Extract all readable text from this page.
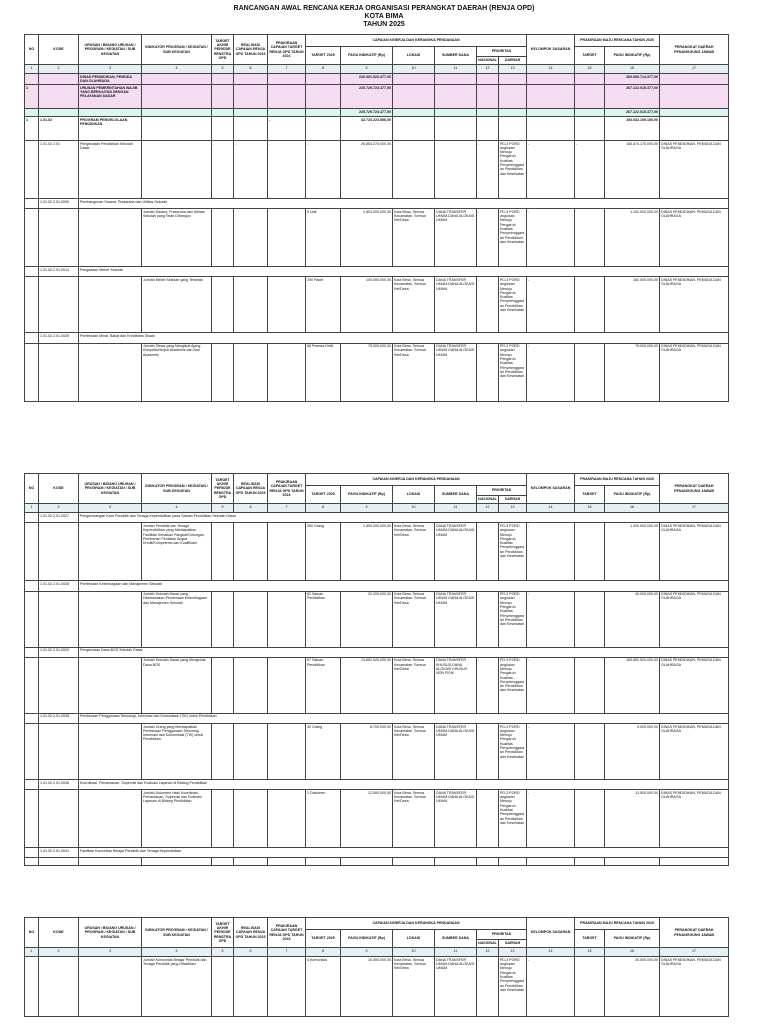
RANCANGAN AWAL RENCANA KERJA ORGANISASI PERANGKAT DAERAH (RENJA OPD)
KOTA BIMA
TAHUN 2025
NO	KODE	URUSAN / BIDANG URUSAN / PROGRAM / KEGIATAN / SUB KEGIATAN	INDIKATOR PROGRAM / KEGIATAN / SUB KEGIATAN	TARGET AKHIR PERIODE RENSTRA OPD	REALISASI CAPAIAN RENJA OPD TAHUN 2023	PRAKIRAAN CAPAIAN TARGET RENJA OPD TAHUN 2024	CAPAIAN KINERJA DAN KERANGKA PENDANAAN						KELOMPOK SASARAN	PRAKIRAAN MAJU RENCANA TAHUN 2026		PERANGKAT DAERAH PENANGGUNG JAWAB
							TARGET 2025	PAGU INDIKATIF (Rp)	LOKASI	SUMBER DANA	PRIORITAS			TARGET	PAGU INDIKATIF (Rp)	
											NASIONAL	DAERAH				
1	2	3	4	5	6	7	8	9	10	11	12	13	14	15	16	17
		DINAS PENDIDIKAN, PEMUDA DAN OLAHRAGA						226.001.923.477,00							260.690.714.377,00	
1		URUSAN PEMERINTAHAN WAJIB YANG BERKAITAN DENGAN PELAYANAN DASAR						225.729.723.477,00							267.122.015.377,00	
								225.729.723.477,00							267.122.015.377,00	
1	1.01.02	PROGRAM PENGELOLAAN PENDIDIKAN				-		32.723.223.556,00							193.032.169.150,00	
	1.01.02.2.01	Pengelolaan Pendidikan Sekolah Dasar		-	-	-	-	26.853.275.000,00			-	PD-3 PORD anglusan Menuju Pengaruh Kualitas Penyelenggaraan Pendidikan dan Kesehatan	-	-	155.874.175.000,00	DINAS PENDIDIKAN, PEMUDA DAN OLAHRAGA
	1.01.02.2.01.0005	Pembangunan Sarana, Prasarana dan Utilitas Sekolah														
			Jumlah Sarana, Prasarana dan Utilitas Sekolah yang Telah Dibangun				5 Unit	1.803.000.000,00	Kota Bima, Semua Kecamatan, Semua Kel/Desa	DANA TRANSFER UMUM-DANA ALOKASI UMUM	-	PD-3 PORD anglusan Menuju Pengaruh Kualitas Penyelenggaraan Pendidikan dan Kesehatan	-		1.100.000.000,00	DINAS PENDIDIKAN, PEMUDA DAN OLAHRAGA
	1.01.02.2.01.0014	Pengadaan Mebel Sekolah														
			Jumlah Mebel Sekolah yang Tersedia				200 Paket	100.000.000,00	Kota Bima, Semua Kecamatan, Semua Kel/Desa	DANA TRANSFER UMUM-DANA ALOKASI UMUM	-	PD-3 PORD anglusan Menuju Pengaruh Kualitas Penyelenggaraan Pendidikan dan Kesehatan	-		150.000.000,00	DINAS PENDIDIKAN, PEMUDA DAN OLAHRAGA
	1.01.02.2.01.0026	Pembinaan Minat, Bakat dan Kreativitas Siswa														
			Jumlah Siswa yang Mengikuti Ajang Kompetisi/Unjuk Akademis dan Non Akademis				68 Peserta Didik	79.000.000,00	Kota Bima, Semua Kecamatan, Semua Kel/Desa	DANA TRANSFER UMUM-DANA ALOKASI UMUM	-	PD-3 PORD anglusan Menuju Pengaruh Kualitas Penyelenggaraan Pendidikan dan Kesehatan	-		79.000.000,00	DINAS PENDIDIKAN, PEMUDA DAN OLAHRAGA
NO	KODE	URUSAN / BIDANG URUSAN / PROGRAM / KEGIATAN / SUB KEGIATAN	INDIKATOR PROGRAM / KEGIATAN / SUB KEGIATAN	TARGET AKHIR PERIODE RENSTRA OPD	REALISASI CAPAIAN RENJA OPD TAHUN 2023	PRAKIRAAN CAPAIAN TARGET RENJA OPD TAHUN 2024	CAPAIAN KINERJA DAN KERANGKA PENDANAAN						KELOMPOK SASARAN	PRAKIRAAN MAJU RENCANA TAHUN 2026		PERANGKAT DAERAH PENANGGUNG JAWAB
							TARGET 2025	PAGU INDIKATIF (Rp)	LOKASI	SUMBER DANA	PRIORITAS			TARGET	PAGU INDIKATIF (Rp)	
											NASIONAL	DAERAH				
1	2	3	4	5	6	7	8	9	10	11	12	13	14	15	16	17
	1.01.02.2.01.0027	Pengembangan Karir Pendidik dan Tenaga Kependidikan pada Satuan Pendidikan Sekolah Dasar														
			Jumlah Pendidik dan Tenaga Kependidikan yang Mendapatkan Fasilitasi Kenaikan Pangkat/Golongan, Pemberian Penilaian Angka Kredit/Kompetensi dan Kualifikasi				350 Orang	1.850.000.000,00	Kota Bima, Semua Kecamatan, Semua Kel/Desa	DANA TRANSFER UMUM-DANA ALOKASI UMUM	-	PD-3 PORD anglusan Menuju Pengaruh Kualitas Penyelenggaraan Pendidikan dan Kesehatan	-		1.200.000.000,00	DINAS PENDIDIKAN, PEMUDA DAN OLAHRAGA
	1.01.02.2.01.0028	Pembinaan Kelembagaan dan Manajemen Sekolah														
			Jumlah Sekolah Dasar yang Dilaksanakan Pembinaan Kelembagaan dan Manajemen Sekolah				62 Satuan Pendidikan	20.000.000,00	Kota Bima, Semua Kecamatan, Semua Kel/Desa	DANA TRANSFER UMUM-DANA ALOKASI UMUM	-	PD-3 PORD anglusan Menuju Pengaruh Kualitas Penyelenggaraan Pendidikan dan Kesehatan	-		40.000.000,00	DINAS PENDIDIKAN, PEMUDA DAN OLAHRAGA
	1.01.02.2.01.0029	Pengelolaan Dana BOS Sekolah Dasar														
			Jumlah Sekolah Dasar yang Mengelola Dana BOS				67 Satuan Pendidikan	13.852.520.000,00	Kota Bima, Semua Kecamatan, Semua Kel/Desa	DANA TRANSFER KHUSUS-DANA ALOKASI KHUSUS NON FISIK	-	PD-3 PORD anglusan Menuju Pengaruh Kualitas Penyelenggaraan Pendidikan dan Kesehatan	-		150.852.520.000,00	DINAS PENDIDIKAN, PEMUDA DAN OLAHRAGA
	1.01.02.2.01.0035	Pembinaan Penggunaan Teknologi, Informasi dan Komunikasi (TIK) untuk Pendidikan														
			Jumlah Orang yang Mendapatkan Pembinaan Penggunaan Teknologi, Informasi dan Komunikasi (TIK) untuk Pendidikan				30 Orang	8.700.000,00	Kota Bima, Semua Kecamatan, Semua Kel/Desa	DANA TRANSFER UMUM-DANA ALOKASI UMUM	-	PD-3 PORD anglusan Menuju Pengaruh Kualitas Penyelenggaraan Pendidikan dan Kesehatan	-		9.000.000,00	DINAS PENDIDIKAN, PEMUDA DAN OLAHRAGA
	1.01.02.2.01.0036	Koordinasi, Pemantauan, Supervisi dan Evaluasi Layanan di Bidang Pendidikan														
			Jumlah Dokumen Hasil Koordinasi, Pemantauan, Supervisi dan Evaluasi Layanan di Bidang Pendidikan				2 Dokumen	12.500.000,00	Kota Bima, Semua Kecamatan, Semua Kel/Desa	DANA TRANSFER UMUM-DANA ALOKASI UMUM	-	PD-3 PORD anglusan Menuju Pengaruh Kualitas Penyelenggaraan Pendidikan dan Kesehatan	-		13.500.000,00	DINAS PENDIDIKAN, PEMUDA DAN OLAHRAGA
	1.01.02.2.01.0041	Fasilitasi Komunitas Belajar Pendidik dan Tenaga Kependidikan														

NO	KODE	URUSAN / BIDANG URUSAN / PROGRAM / KEGIATAN / SUB KEGIATAN	INDIKATOR PROGRAM / KEGIATAN / SUB KEGIATAN	TARGET AKHIR PERIODE RENSTRA OPD	REALISASI CAPAIAN RENJA OPD TAHUN 2023	PRAKIRAAN CAPAIAN TARGET RENJA OPD TAHUN 2024	CAPAIAN KINERJA DAN KERANGKA PENDANAAN						KELOMPOK SASARAN	PRAKIRAAN MAJU RENCANA TAHUN 2026		PERANGKAT DAERAH PENANGGUNG JAWAB
							TARGET 2025	PAGU INDIKATIF (Rp)	LOKASI	SUMBER DANA	PRIORITAS			TARGET	PAGU INDIKATIF (Rp)	
											NASIONAL	DAERAH				
1	2	3	4	5	6	7	8	9	10	11	12	13	14	15	16	17
			Jumlah Komunitas Belajar Pendidik dan Tenaga Pendidik yang Difasilitasi				4 Komunitas	10.500.000,00	Kota Bima, Semua Kecamatan, Semua Kel/Desa	DANA TRANSFER UMUM-DANA ALOKASI UMUM	-	PD-3 PORD anglusan Menuju Pengaruh Kualitas Penyelenggaraan Pendidikan dan Kesehatan	-		20.000.000,00	DINAS PENDIDIKAN, PEMUDA DAN OLAHRAGA
